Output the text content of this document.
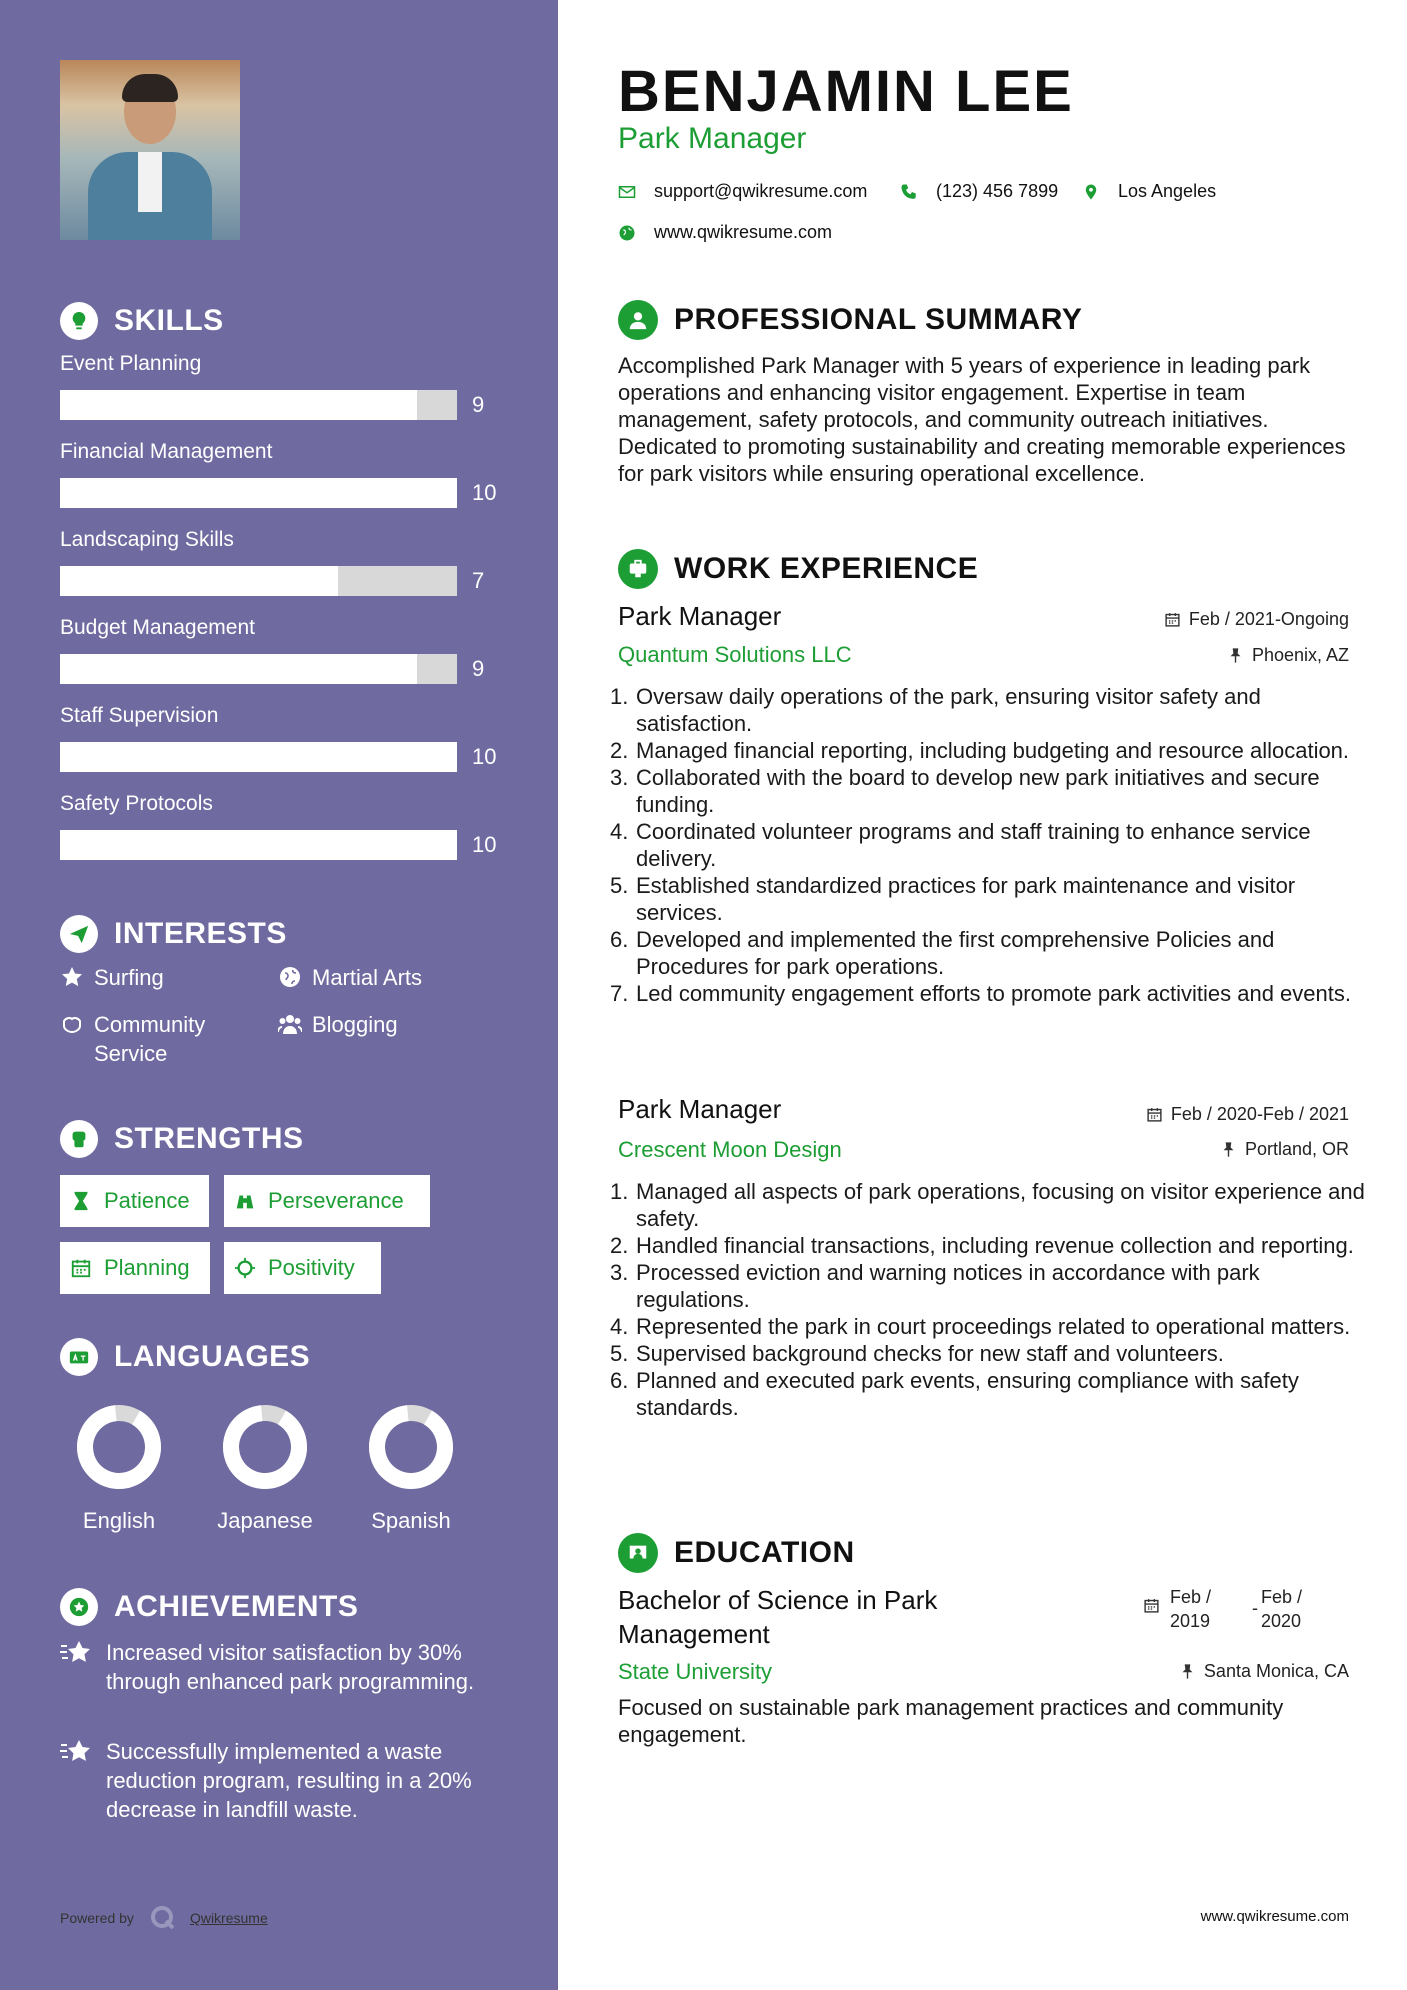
SKILLS
Event Planning
9
Financial Management
10
Landscaping Skills
7
Budget Management
9
Staff Supervision
10
Safety Protocols
10
INTERESTS
Surfing	Martial Arts
Community Service
Blogging
STRENGTHS
Patience	Perseverance
Planning	Positivity
LANGUAGES
English	Japanese	Spanish
ACHIEVEMENTS
Increased visitor satisfaction by 30% through enhanced park programming.
Successfully implemented a waste reduction program, resulting in a 20% decrease in landfill waste.
Powered by	Qwikresume
BENJAMIN LEE
Park Manager
support@qwikresume.com	(123) 456 7899	Los Angeles
www.qwikresume.com
PROFESSIONAL SUMMARY
Accomplished Park Manager with 5 years of experience in leading park operations and enhancing visitor engagement. Expertise in team management, safety protocols, and community outreach initiatives. Dedicated to promoting sustainability and creating memorable experiences for park visitors while ensuring operational excellence.
WORK EXPERIENCE
Park Manager	Feb / 2021-Ongoing
Quantum Solutions LLC	Phoenix, AZ
1. Oversaw daily operations of the park, ensuring visitor safety and satisfaction.
2. Managed financial reporting, including budgeting and resource allocation.
3. Collaborated with the board to develop new park initiatives and secure funding.
4. Coordinated volunteer programs and staff training to enhance service delivery.
5. Established standardized practices for park maintenance and visitor services.
6. Developed and implemented the first comprehensive Policies and Procedures for park operations.
7. Led community engagement efforts to promote park activities and events.
Park Manager	Feb / 2020-Feb / 2021
Crescent Moon Design	Portland, OR
1. Managed all aspects of park operations, focusing on visitor experience and safety.
2. Handled financial transactions, including revenue collection and reporting.
3. Processed eviction and warning notices in accordance with park regulations.
4. Represented the park in court proceedings related to operational matters.
5. Supervised background checks for new staff and volunteers.
6. Planned and executed park events, ensuring compliance with safety standards.
EDUCATION
Bachelor of Science in Park Management
Feb / 2019
-
Feb / 2020
State University	Santa Monica, CA
Focused on sustainable park management practices and community engagement.
www.qwikresume.com
